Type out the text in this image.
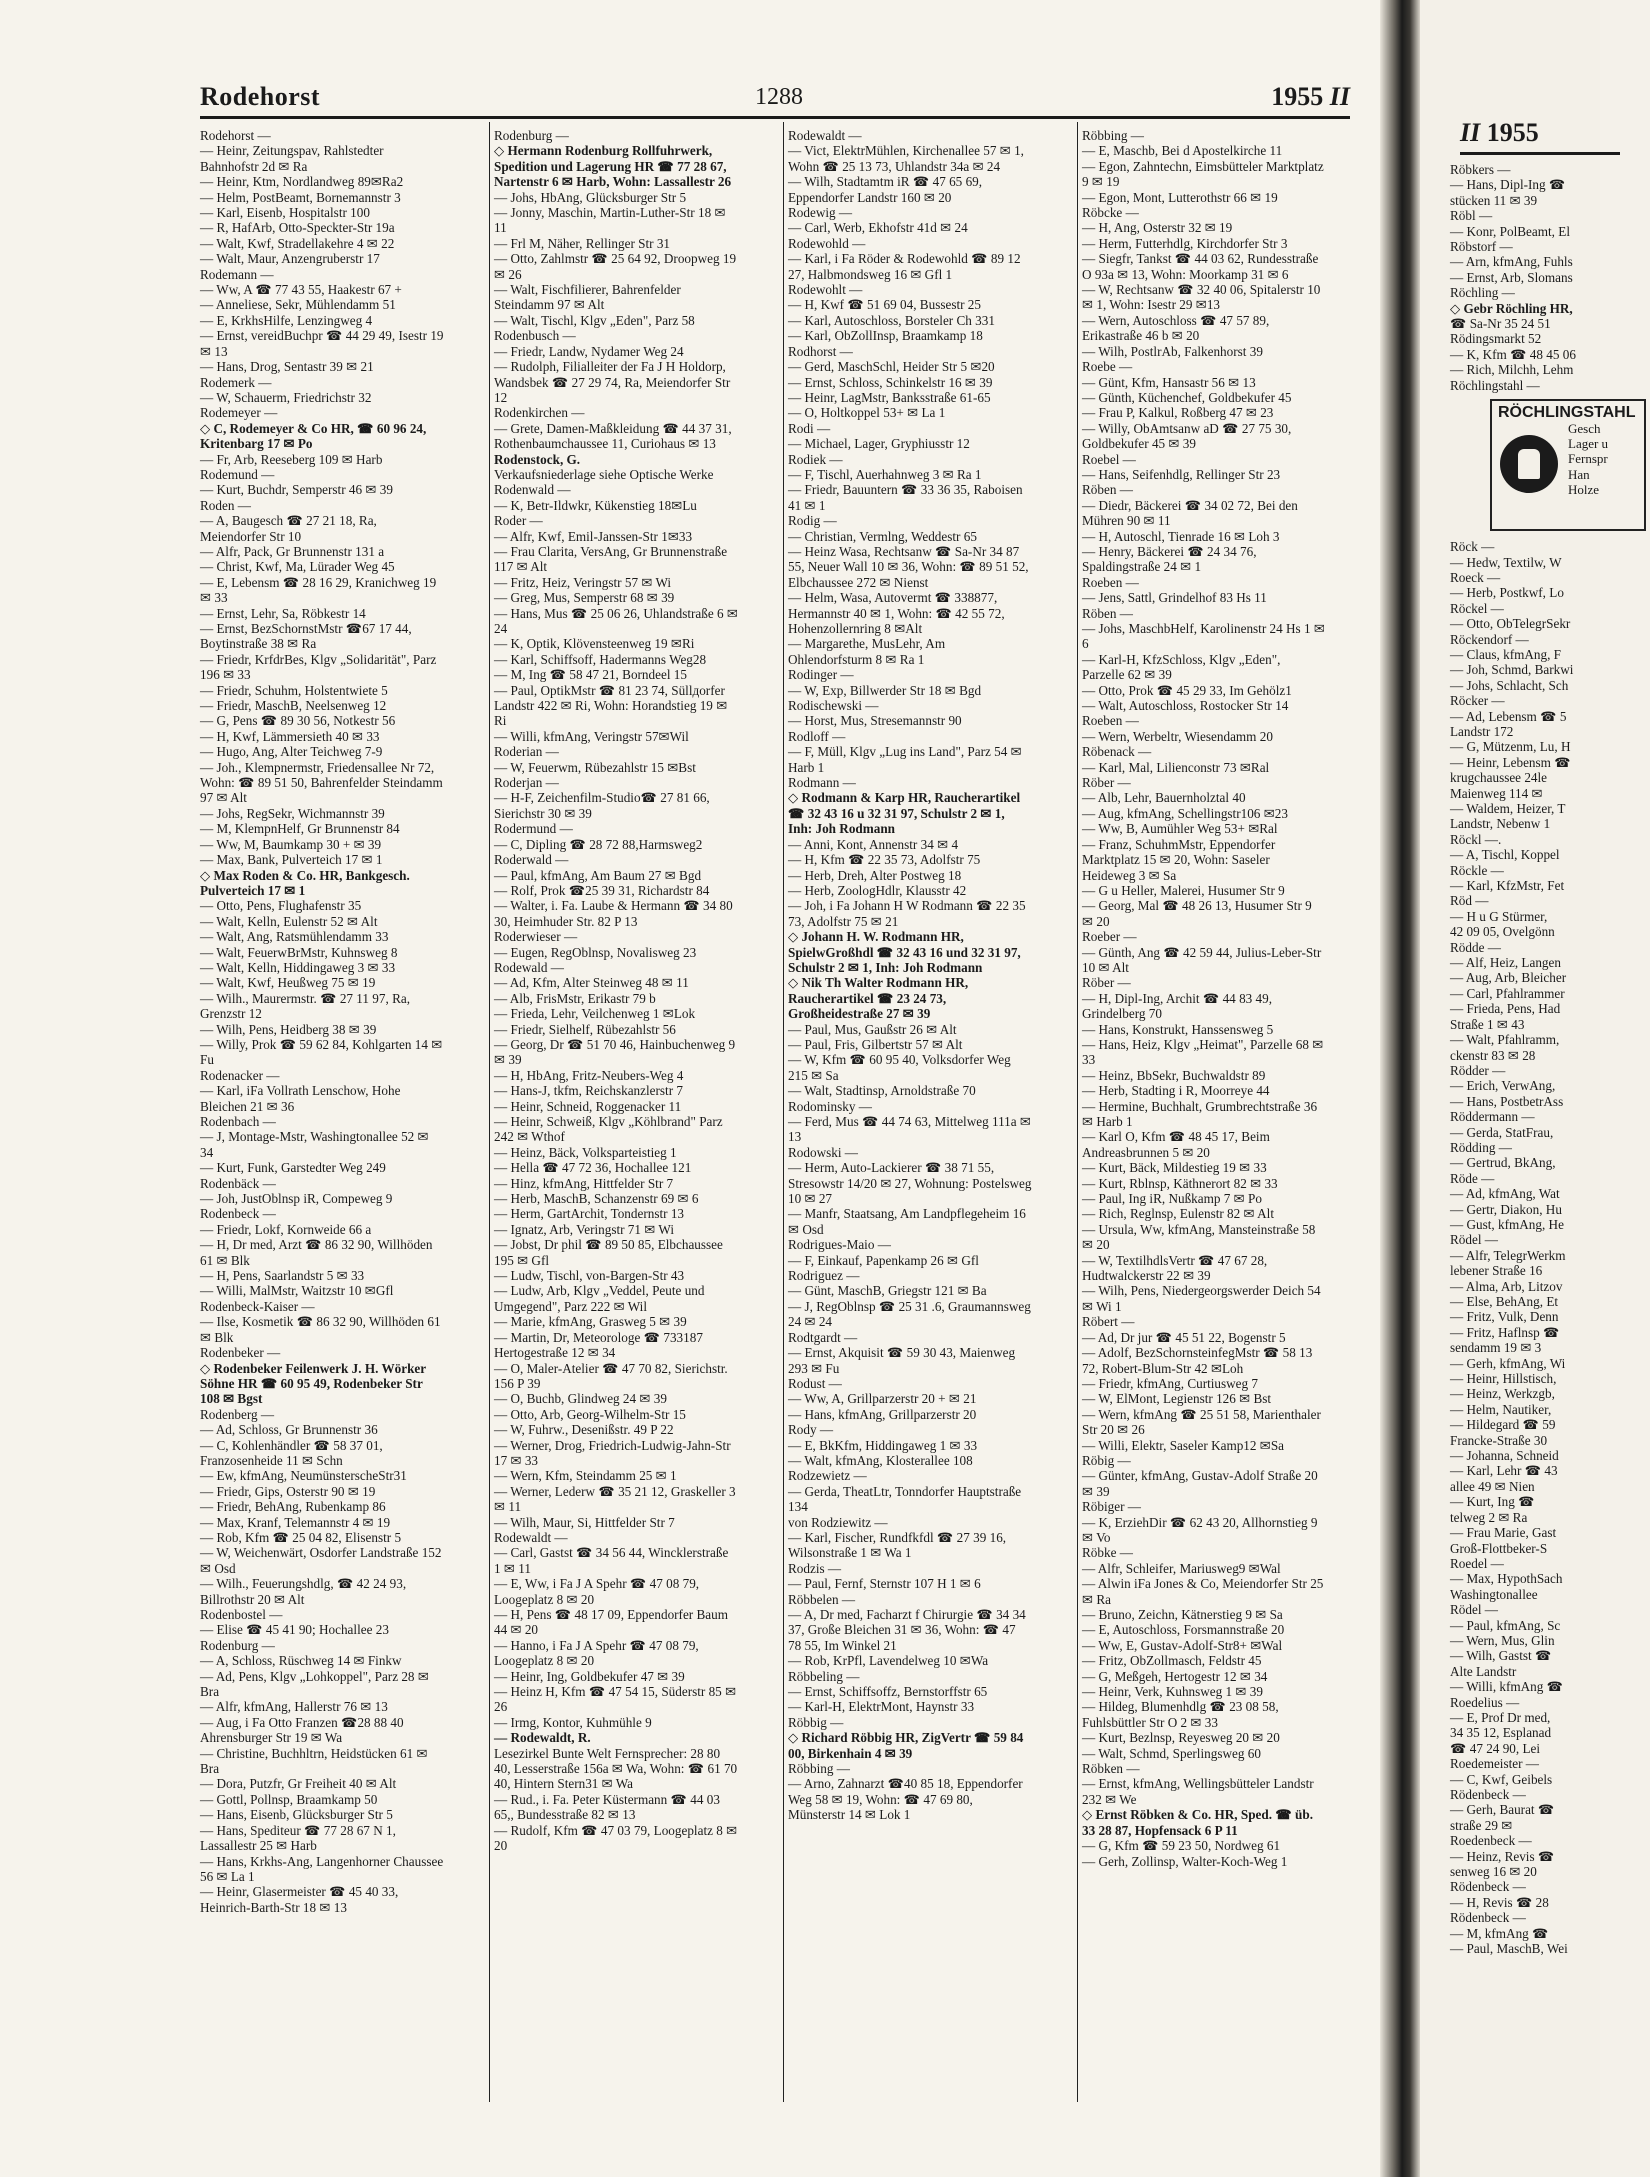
Rodehorst	1288	1955 II
Rodehorst —
— Heinr, Zeitungspav, Rahlstedter Bahnhofstr 2d ✉ Ra
— Heinr, Ktm, Nordlandweg 89✉Ra2
— Helm, PostBeamt, Bornemannstr 3
— Karl, Eisenb, Hospitalstr 100
— R, HafArb, Otto-Speckter-Str 19a
— Walt, Kwf, Stradellakehre 4 ✉ 22
— Walt, Maur, Anzengruberstr 17
Rodemann —
— Ww, A ☎ 77 43 55, Haakestr 67 +
— Anneliese, Sekr, Mühlendamm 51
— E, KrkhsHilfe, Lenzingweg 4
— Ernst, vereidBuchpr ☎ 44 29 49, Isestr 19 ✉ 13
— Hans, Drog, Sentastr 39 ✉ 21
Rodemerk —
— W, Schauerm, Friedrichstr 32
Rodemeyer —
◇ C, Rodemeyer & Co HR, ☎ 60 96 24, Kritenbarg 17 ✉ Po
— Fr, Arb, Reeseberg 109 ✉ Harb
Rodemund —
— Kurt, Buchdr, Semperstr 46 ✉ 39
Roden —
— A, Baugesch ☎ 27 21 18, Ra, Meiendorfer Str 10
— Alfr, Pack, Gr Brunnenstr 131 a
— Christ, Kwf, Ma, Lürader Weg 45
— E, Lebensm ☎ 28 16 29, Kranichweg 19 ✉ 33
— Ernst, Lehr, Sa, Röbkestr 14
— Ernst, BezSchornstMstr ☎67 17 44, Boytinstraße 38 ✉ Ra
— Friedr, KrfdrBes, Klgv „Solidarität", Parz 196 ✉ 33
— Friedr, Schuhm, Holstentwiete 5
— Friedr, MaschB, Neelsenweg 12
— G, Pens ☎ 89 30 56, Notkestr 56
— H, Kwf, Lämmersieth 40 ✉ 33
— Hugo, Ang, Alter Teichweg 7-9
— Joh., Klempnermstr, Friedensallee Nr 72, Wohn: ☎ 89 51 50, Bahrenfelder Steindamm 97 ✉ Alt
— Johs, RegSekr, Wichmannstr 39
— M, KlempnHelf, Gr Brunnenstr 84
— Ww, M, Baumkamp 30 + ✉ 39
— Max, Bank, Pulverteich 17 ✉ 1
◇ Max Roden & Co. HR, Bankgesch. Pulverteich 17 ✉ 1
— Otto, Pens, Flughafenstr 35
— Walt, Kelln, Eulenstr 52 ✉ Alt
— Walt, Ang, Ratsmühlendamm 33
— Walt, FeuerwBrMstr, Kuhnsweg 8
— Walt, Kelln, Hiddingaweg 3 ✉ 33
— Walt, Kwf, Heußweg 75 ✉ 19
— Wilh., Maurermstr. ☎ 27 11 97, Ra, Grenzstr 12
— Wilh, Pens, Heidberg 38 ✉ 39
— Willy, Prok ☎ 59 62 84, Kohlgarten 14 ✉ Fu
Rodenacker —
— Karl, iFa Vollrath Lenschow, Hohe Bleichen 21 ✉ 36
Rodenbach —
— J, Montage-Mstr, Washingtonallee 52 ✉ 34
— Kurt, Funk, Garstedter Weg 249
Rodenbäck —
— Joh, JustOblnsp iR, Compeweg 9
Rodenbeck —
— Friedr, Lokf, Kornweide 66 a
— H, Dr med, Arzt ☎ 86 32 90, Willhöden 61 ✉ Blk
— H, Pens, Saarlandstr 5 ✉ 33
— Willi, MalMstr, Waitzstr 10 ✉Gfl
Rodenbeck-Kaiser —
— Ilse, Kosmetik ☎ 86 32 90, Willhöden 61 ✉ Blk
Rodenbeker —
◇ Rodenbeker Feilenwerk J. H. Wörker Söhne HR ☎ 60 95 49, Rodenbeker Str 108 ✉ Bgst
Rodenberg —
— Ad, Schloss, Gr Brunnenstr 36
— C, Kohlenhändler ☎ 58 37 01, Franzosenheide 11 ✉ Schn
— Ew, kfmAng, NeumünsterscheStr31
— Friedr, Gips, Osterstr 90 ✉ 19
— Friedr, BehAng, Rubenkamp 86
— Max, Kranf, Telemannstr 4 ✉ 19
— Rob, Kfm ☎ 25 04 82, Elisenstr 5
— W, Weichenwärt, Osdorfer Landstraße 152 ✉ Osd
— Wilh., Feuerungshdlg, ☎ 42 24 93, Billrothstr 20 ✉ Alt
Rodenbostel —
— Elise ☎ 45 41 90; Hochallee 23
Rodenburg —
— A, Schloss, Rüschweg 14 ✉ Finkw
— Ad, Pens, Klgv „Lohkoppel", Parz 28 ✉ Bra
— Alfr, kfmAng, Hallerstr 76 ✉ 13
— Aug, i Fa Otto Franzen ☎28 88 40 Ahrensburger Str 19 ✉ Wa
— Christine, Buchhltrn, Heidstücken 61 ✉ Bra
— Dora, Putzfr, Gr Freiheit 40 ✉ Alt
— Gottl, Pollnsp, Braamkamp 50
— Hans, Eisenb, Glücksburger Str 5
— Hans, Spediteur ☎ 77 28 67 N 1, Lassallestr 25 ✉ Harb
— Hans, Krkhs-Ang, Langenhorner Chaussee 56 ✉ La 1
— Heinr, Glasermeister ☎ 45 40 33, Heinrich-Barth-Str 18 ✉ 13
Rodenburg —
◇ Hermann Rodenburg Rollfuhrwerk, Spedition und Lagerung HR ☎ 77 28 67, Nartenstr 6 ✉ Harb, Wohn: Lassallestr 26
— Johs, HbAng, Glücksburger Str 5
— Jonny, Maschin, Martin-Luther-Str 18 ✉ 11
— Frl M, Näher, Rellinger Str 31
— Otto, Zahlmstr ☎ 25 64 92, Droopweg 19 ✉ 26
— Walt, Fischfilierer, Bahrenfelder Steindamm 97 ✉ Alt
— Walt, Tischl, Klgv „Eden", Parz 58
Rodenbusch —
— Friedr, Landw, Nydamer Weg 24
— Rudolph, Filialleiter der Fa J H Holdorp, Wandsbek ☎ 27 29 74, Ra, Meiendorfer Str 12
Rodenkirchen —
— Grete, Damen-Maßkleidung ☎ 44 37 31, Rothenbaumchaussee 11, Curiohaus ✉ 13
Rodenstock, G.
Verkaufsniederlage siehe Optische Werke
Rodenwald —
— K, Betr-Ildwkr, Kükenstieg 18✉Lu
Roder —
— Alfr, Kwf, Emil-Janssen-Str 1✉33
— Frau Clarita, VersAng, Gr Brunnenstraße 117 ✉ Alt
— Fritz, Heiz, Veringstr 57 ✉ Wi
— Greg, Mus, Semperstr 68 ✉ 39
— Hans, Mus ☎ 25 06 26, Uhlandstraße 6 ✉ 24
— K, Optik, Klövensteenweg 19 ✉Ri
— Karl, Schiffsoff, Hadermanns Weg28
— M, Ing ☎ 58 47 21, Borndeel 15
— Paul, OptikMstr ☎ 81 23 74, Süllдorfer Landstr 422 ✉ Ri, Wohn: Horandstieg 19 ✉ Ri
— Willi, kfmAng, Veringstr 57✉Wil
Roderian —
— W, Feuerwm, Rübezahlstr 15 ✉Bst
Roderjan —
— H-F, Zeichenfilm-Studio☎ 27 81 66, Sierichstr 30 ✉ 39
Rodermund —
— C, Dipling ☎ 28 72 88,Harmsweg2
Roderwald —
— Paul, kfmAng, Am Baum 27 ✉ Bgd
— Rolf, Prok ☎25 39 31, Richardstr 84
— Walter, i. Fa. Laube & Hermann ☎ 34 80 30, Heimhuder Str. 82 P 13
Roderwieser —
— Eugen, RegOblnsp, Novalisweg 23
Rodewald —
— Ad, Kfm, Alter Steinweg 48 ✉ 11
— Alb, FrisMstr, Erikastr 79 b
— Frieda, Lehr, Veilchenweg 1 ✉Lok
— Friedr, Sielhelf, Rübezahlstr 56
— Georg, Dr ☎ 51 70 46, Hainbuchenweg 9 ✉ 39
— H, HbAng, Fritz-Neubers-Weg 4
— Hans-J, tkfm, Reichskanzlerstr 7
— Heinr, Schneid, Roggenacker 11
— Heinr, Schweiß, Klgv „Köhlbrand" Parz 242 ✉ Wthof
— Heinz, Bäck, Volksparteistieg 1
— Hella ☎ 47 72 36, Hochallee 121
— Hinz, kfmAng, Hittfelder Str 7
— Herb, MaschB, Schanzenstr 69 ✉ 6
— Herm, GartArchit, Tondernstr 13
— Ignatz, Arb, Veringstr 71 ✉ Wi
— Jobst, Dr phil ☎ 89 50 85, Elbchaussee 195 ✉ Gfl
— Ludw, Tischl, von-Bargen-Str 43
— Ludw, Arb, Klgv „Veddel, Peute und Umgegend", Parz 222 ✉ Wil
— Marie, kfmAng, Grasweg 5 ✉ 39
— Martin, Dr, Meteorologe ☎ 733187 Hertogestraße 12 ✉ 34
— O, Maler-Atelier ☎ 47 70 82, Sierichstr. 156 P 39
— O, Buchb, Glindweg 24 ✉ 39
— Otto, Arb, Georg-Wilhelm-Str 15
— W, Fuhrw., Desenißstr. 49 P 22
— Werner, Drog, Friedrich-Ludwig-Jahn-Str 17 ✉ 33
— Wern, Kfm, Steindamm 25 ✉ 1
— Werner, Lederw ☎ 35 21 12, Graskeller 3 ✉ 11
— Wilh, Maur, Si, Hittfelder Str 7
Rodewaldt —
— Carl, Gastst ☎ 34 56 44, Wincklerstraße 1 ✉ 11
— E, Ww, i Fa J A Spehr ☎ 47 08 79, Loogeplatz 8 ✉ 20
— H, Pens ☎ 48 17 09, Eppendorfer Baum 44 ✉ 20
— Hanno, i Fa J A Spehr ☎ 47 08 79, Loogeplatz 8 ✉ 20
— Heinr, Ing, Goldbekufer 47 ✉ 39
— Heinz H, Kfm ☎ 47 54 15, Süderstr 85 ✉ 26
— Irmg, Kontor, Kuhmühle 9
— Rodewaldt, R.
Lesezirkel Bunte Welt Fernsprecher: 28 80 40, Lesserstraße 156a ✉ Wa, Wohn: ☎ 61 70 40, Hintern Stern31 ✉ Wa
— Rud., i. Fa. Peter Küstermann ☎ 44 03 65,, Bundesstraße 82 ✉ 13
— Rudolf, Kfm ☎ 47 03 79, Loogeplatz 8 ✉ 20
Rodewaldt —
— Vict, ElektrMühlen, Kirchenallee 57 ✉ 1, Wohn ☎ 25 13 73, Uhlandstr 34a ✉ 24
— Wilh, Stadtamtm iR ☎ 47 65 69, Eppendorfer Landstr 160 ✉ 20
Rodewig —
— Carl, Werb, Ekhofstr 41d ✉ 24
Rodewohld —
— Karl, i Fa Röder & Rodewohld ☎ 89 12 27, Halbmondsweg 16 ✉ Gfl 1
Rodewohlt —
— H, Kwf ☎ 51 69 04, Bussestr 25
— Karl, Autoschloss, Borsteler Ch 331
— Karl, ObZollInsp, Braamkamp 18
Rodhorst —
— Gerd, MaschSchl, Heider Str 5 ✉20
— Ernst, Schloss, Schinkelstr 16 ✉ 39
— Heinr, LagMstr, Banksstraße 61-65
— O, Holtkoppel 53+ ✉ La 1
Rodi —
— Michael, Lager, Gryphiusstr 12
Rodiek —
— F, Tischl, Auerhahnweg 3 ✉ Ra 1
— Friedr, Bauuntern ☎ 33 36 35, Raboisen 41 ✉ 1
Rodig —
— Christian, Vermlng, Weddestr 65
— Heinz Wasa, Rechtsanw ☎ Sa-Nr 34 87 55, Neuer Wall 10 ✉ 36, Wohn: ☎ 89 51 52, Elbchaussee 272 ✉ Nienst
— Helm, Wasa, Autovermt ☎ 338877, Hermannstr 40 ✉ 1, Wohn: ☎ 42 55 72, Hohenzollernring 8 ✉Alt
— Margarethe, MusLehr, Am Ohlendorfsturm 8 ✉ Ra 1
Rodinger —
— W, Exp, Billwerder Str 18 ✉ Bgd
Rodischewski —
— Horst, Mus, Stresemannstr 90
Rodloff —
— F, Müll, Klgv „Lug ins Land", Parz 54 ✉ Harb 1
Rodmann —
◇ Rodmann & Karp HR, Raucherartikel ☎ 32 43 16 u 32 31 97, Schulstr 2 ✉ 1, Inh: Joh Rodmann
— Anni, Kont, Annenstr 34 ✉ 4
— H, Kfm ☎ 22 35 73, Adolfstr 75
— Herb, Dreh, Alter Postweg 18
— Herb, ZoologHdlr, Klausstr 42
— Joh, i Fa Johann H W Rodmann ☎ 22 35 73, Adolfstr 75 ✉ 21
◇ Johann H. W. Rodmann HR, SpielwGroßhdl ☎ 32 43 16 und 32 31 97, Schulstr 2 ✉ 1, Inh: Joh Rodmann
◇ Nik Th Walter Rodmann HR, Raucherartikel ☎ 23 24 73, Großheidestraße 27 ✉ 39
— Paul, Mus, Gaußstr 26 ✉ Alt
— Paul, Fris, Gilbertstr 57 ✉ Alt
— W, Kfm ☎ 60 95 40, Volksdorfer Weg 215 ✉ Sa
— Walt, Stadtinsp, Arnoldstraße 70
Rodominsky —
— Ferd, Mus ☎ 44 74 63, Mittelweg 111a ✉ 13
Rodowski —
— Herm, Auto-Lackierer ☎ 38 71 55, Stresowstr 14/20 ✉ 27, Wohnung: Postelsweg 10 ✉ 27
— Manfr, Staatsang, Am Landpflegeheim 16 ✉ Osd
Rodrigues-Maio —
— F, Einkauf, Papenkamp 26 ✉ Gfl
Rodriguez —
— Günt, MaschB, Griegstr 121 ✉ Ba
— J, RegOblnsp ☎ 25 31 .6, Graumannsweg 24 ✉ 24
Rodtgardt —
— Ernst, Akquisit ☎ 59 30 43, Maienweg 293 ✉ Fu
Rodust —
— Ww, A, Grillparzerstr 20 + ✉ 21
— Hans, kfmAng, Grillparzerstr 20
Rody —
— E, BkKfm, Hiddingaweg 1 ✉ 33
— Walt, kfmAng, Klosterallee 108
Rodzewietz —
— Gerda, TheatLtr, Tonndorfer Hauptstraße 134
von Rodziewitz —
— Karl, Fischer, Rundfkfdl ☎ 27 39 16, Wilsonstraße 1 ✉ Wa 1
Rodzis —
— Paul, Fernf, Sternstr 107 H 1 ✉ 6
Röbbelen —
— A, Dr med, Facharzt f Chirurgie ☎ 34 34 37, Große Bleichen 31 ✉ 36, Wohn: ☎ 47 78 55, Im Winkel 21
— Rob, KrPfl, Lavendelweg 10 ✉Wa
Röbbeling —
— Ernst, Schiffsoffz, Bernstorffstr 65
— Karl-H, ElektrMont, Haynstr 33
Röbbig —
◇ Richard Röbbig HR, ZigVertr ☎ 59 84 00, Birkenhain 4 ✉ 39
Röbbing —
— Arno, Zahnarzt ☎40 85 18, Eppendorfer Weg 58 ✉ 19, Wohn: ☎ 47 69 80, Münsterstr 14 ✉ Lok 1
Röbbing —
— E, Maschb, Bei d Apostelkirche 11
— Egon, Zahntechn, Eimsbütteler Marktplatz 9 ✉ 19
— Egon, Mont, Lutterothstr 66 ✉ 19
Röbcke —
— H, Ang, Osterstr 32 ✉ 19
— Herm, Futterhdlg, Kirchdorfer Str 3
— Siegfr, Tankst ☎ 44 03 62, Rundesstraße O 93a ✉ 13, Wohn: Moorkamp 31 ✉ 6
— W, Rechtsanw ☎ 32 40 06, Spitalerstr 10 ✉ 1, Wohn: Isestr 29 ✉13
— Wern, Autoschloss ☎ 47 57 89, Erikastraße 46 b ✉ 20
— Wilh, PostlrAb, Falkenhorst 39
Roebe —
— Günt, Kfm, Hansastr 56 ✉ 13
— Günth, Küchenchef, Goldbekufer 45
— Frau P, Kalkul, Roßberg 47 ✉ 23
— Willy, ObAmtsanw aD ☎ 27 75 30, Goldbekufer 45 ✉ 39
Roebel —
— Hans, Seifenhdlg, Rellinger Str 23
Röben —
— Diedr, Bäckerei ☎ 34 02 72, Bei den Mühren 90 ✉ 11
— H, Autoschl, Tienrade 16 ✉ Loh 3
— Henry, Bäckerei ☎ 24 34 76, Spaldingstraße 24 ✉ 1
Roeben —
— Jens, Sattl, Grindelhof 83 Hs 11
Röben —
— Johs, MaschbHelf, Karolinenstr 24 Hs 1 ✉ 6
— Karl-H, KfzSchloss, Klgv „Eden", Parzelle 62 ✉ 39
— Otto, Prok ☎ 45 29 33, Im Gehölz1
— Walt, Autoschloss, Rostocker Str 14
Roeben —
— Wern, Werbeltr, Wiesendamm 20
Röbenack —
— Karl, Mal, Lilienconstr 73 ✉Ral
Röber —
— Alb, Lehr, Bauernholztal 40
— Aug, kfmAng, Schellingstr106 ✉23
— Ww, B, Aumühler Weg 53+ ✉Ral
— Franz, SchuhmMstr, Eppendorfer Marktplatz 15 ✉ 20, Wohn: Saseler Heideweg 3 ✉ Sa
— G u Heller, Malerei, Husumer Str 9
— Georg, Mal ☎ 48 26 13, Husumer Str 9 ✉ 20
Roeber —
— Günth, Ang ☎ 42 59 44, Julius-Leber-Str 10 ✉ Alt
Röber —
— H, Dipl-Ing, Archit ☎ 44 83 49, Grindelberg 70
— Hans, Konstrukt, Hanssensweg 5
— Hans, Heiz, Klgv „Heimat", Parzelle 68 ✉ 33
— Heinz, BbSekr, Buchwaldstr 89
— Herb, Stadting i R, Moorreye 44
— Hermine, Buchhalt, Grumbrechtstraße 36 ✉ Harb 1
— Karl O, Kfm ☎ 48 45 17, Beim Andreasbrunnen 5 ✉ 20
— Kurt, Bäck, Mildestieg 19 ✉ 33
— Kurt, Rblnsp, Käthnerort 82 ✉ 33
— Paul, Ing iR, Nußkamp 7 ✉ Po
— Rich, Reglnsp, Eulenstr 82 ✉ Alt
— Ursula, Ww, kfmAng, Mansteinstraße 58 ✉ 20
— W, TextilhdlsVertr ☎ 47 67 28, Hudtwalckerstr 22 ✉ 39
— Wilh, Pens, Niedergeorgswerder Deich 54 ✉ Wi 1
Röbert —
— Ad, Dr jur ☎ 45 51 22, Bogenstr 5
— Adolf, BezSchornsteinfegMstr ☎ 58 13 72, Robert-Blum-Str 42 ✉Loh
— Friedr, kfmAng, Curtiusweg 7
— W, ElMont, Legienstr 126 ✉ Bst
— Wern, kfmAng ☎ 25 51 58, Marienthaler Str 20 ✉ 26
— Willi, Elektr, Saseler Kamp12 ✉Sa
Röbig —
— Günter, kfmAng, Gustav-Adolf Straße 20 ✉ 39
Röbiger —
— K, ErziehDir ☎ 62 43 20, Allhornstieg 9 ✉ Vo
Röbke —
— Alfr, Schleifer, Mariusweg9 ✉Wal
— Alwin iFa Jones & Co, Meiendorfer Str 25 ✉ Ra
— Bruno, Zeichn, Kätnerstieg 9 ✉ Sa
— E, Autoschloss, Forsmannstraße 20
— Ww, E, Gustav-Adolf-Str8+ ✉Wal
— Fritz, ObZollmasch, Feldstr 45
— G, Meßgeh, Hertogestr 12 ✉ 34
— Heinr, Verk, Kuhnsweg 1 ✉ 39
— Hildeg, Blumenhdlg ☎ 23 08 58, Fuhlsbüttler Str O 2 ✉ 33
— Kurt, Bezlnsp, Reyesweg 20 ✉ 20
— Walt, Schmd, Sperlingsweg 60
Röbken —
— Ernst, kfmAng, Wellingsbütteler Landstr 232 ✉ We
◇ Ernst Röbken & Co. HR, Sped. ☎ üb. 33 28 87, Hopfensack 6 P 11
— G, Kfm ☎ 59 23 50, Nordweg 61
— Gerh, Zollinsp, Walter-Koch-Weg 1
II 1955
Röbkers —
— Hans, Dipl-Ing ☎
stücken 11 ✉ 39
Röbl —
— Konr, PolBeamt, El
Röbstorf —
— Arn, kfmAng, Fuhls
— Ernst, Arb, Slomans
Röchling —
◇ Gebr Röchling HR,
☎ Sa-Nr 35 24 51
Rödingsmarkt 52
— K, Kfm ☎ 48 45 06
— Rich, Milchh, Lehm
Röchlingstahl —
RÖCHLINGSTAHL
Gesch
Lager u
Fernspr
Han
Holze
Röck —
— Hedw, Textilw, W
Roeck —
— Herb, Postkwf, Lo
Röckel —
— Otto, ObTelegrSekr
Röckendorf —
— Claus, kfmAng, F
— Joh, Schmd, Barkwi
— Johs, Schlacht, Sch
Röcker —
— Ad, Lebensm ☎ 5
Landstr 172
— G, Mützenm, Lu, H
— Heinr, Lebensm ☎
krugchaussee 24le
Maienweg 114 ✉
— Waldem, Heizer, T
Landstr, Nebenw 1
Röckl —.
— A, Tischl, Koppel
Röckle —
— Karl, KfzMstr, Fet
Röd —
— H u G Stürmer,
42 09 05, Ovelgönn
Rödde —
— Alf, Heiz, Langen
— Aug, Arb, Bleicher
— Carl, Pfahlrammer
— Frieda, Pens, Had
Straße 1 ✉ 43
— Walt, Pfahlramm,
ckenstr 83 ✉ 28
Rödder —
— Erich, VerwAng,
— Hans, PostbetrAss
Röddermann —
— Gerda, StatFrau,
Rödding —
— Gertrud, BkAng,
Röde —
— Ad, kfmAng, Wat
— Gertr, Diakon, Hu
— Gust, kfmAng, He
Rödel —
— Alfr, TelegrWerkm
lebener Straße 16
— Alma, Arb, Litzov
— Else, BehAng, Et
— Fritz, Vulk, Denn
— Fritz, Haflnsp ☎
sendamm 19 ✉ 3
— Gerh, kfmAng, Wi
— Heinr, Hillstisch,
— Heinz, Werkzgb,
— Helm, Nautiker,
— Hildegard ☎ 59
Francke-Straße 30
— Johanna, Schneid
— Karl, Lehr ☎ 43
allee 49 ✉ Nien
— Kurt, Ing ☎
telweg 2 ✉ Ra
— Frau Marie, Gast
Groß-Flottbeker-S
Roedel —
— Max, HypothSach
Washingtonallee
Rödel —
— Paul, kfmAng, Sc
— Wern, Mus, Glin
— Wilh, Gastst ☎
Alte Landstr
— Willi, kfmAng ☎
Roedelius —
— E, Prof Dr med,
34 35 12, Esplanad
☎ 47 24 90, Lei
Roedemeister —
— C, Kwf, Geibels
Rödenbeck —
— Gerh, Baurat ☎
straße 29 ✉
Roedenbeck —
— Heinz, Revis ☎
senweg 16 ✉ 20
Rödenbeck —
— H, Revis ☎ 28
Rödenbeck —
— M, kfmAng ☎
— Paul, MaschB, Wei
